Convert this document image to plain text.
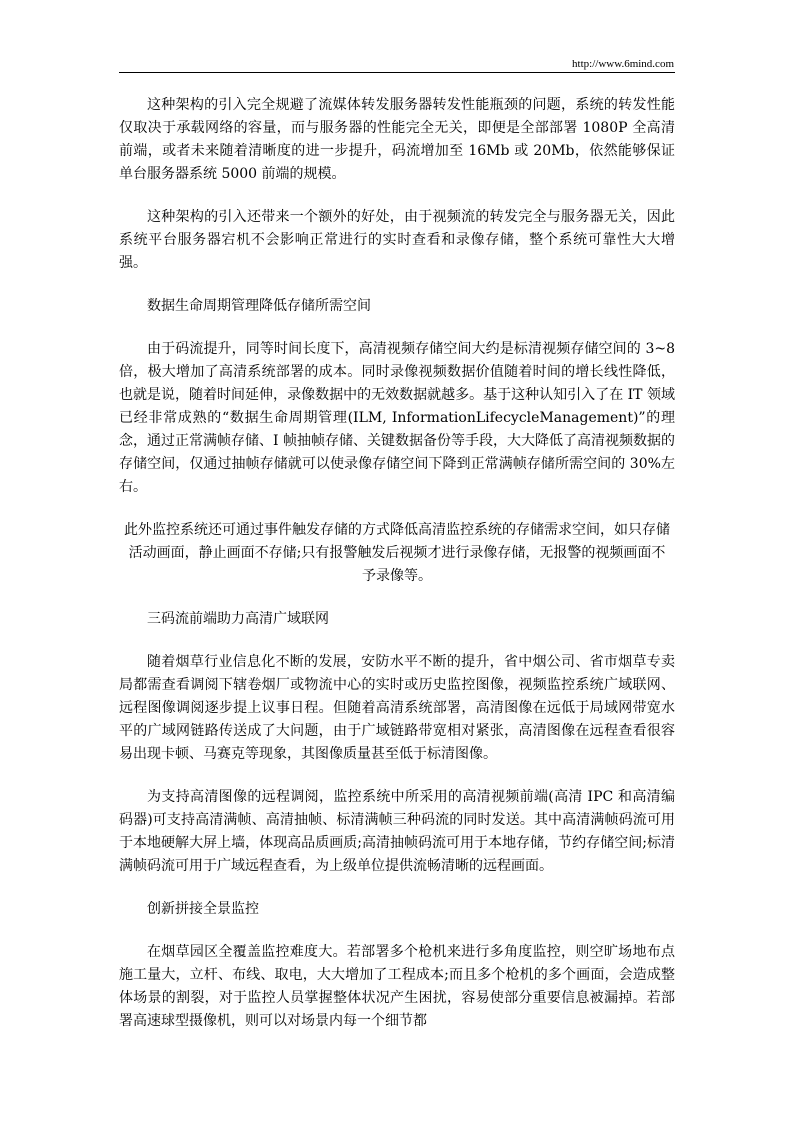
http://www.6mind.com

这种架构的引入完全规避了流媒体转发服务器转发性能瓶颈的问题，系统的转发性能仅取决于承载网络的容量，而与服务器的性能完全无关，即便是全部部署 1080P 全高清前端，或者未来随着清晰度的进一步提升，码流增加至 16Mb 或 20Mb，依然能够保证单台服务器系统 5000 前端的规模。

这种架构的引入还带来一个额外的好处，由于视频流的转发完全与服务器无关，因此系统平台服务器宕机不会影响正常进行的实时查看和录像存储，整个系统可靠性大大增强。

数据生命周期管理降低存储所需空间

由于码流提升，同等时间长度下，高清视频存储空间大约是标清视频存储空间的 3~8 倍，极大增加了高清系统部署的成本。同时录像视频数据价值随着时间的增长线性降低，也就是说，随着时间延伸，录像数据中的无效数据就越多。基于这种认知引入了在 IT 领域已经非常成熟的“数据生命周期管理(ILM, InformationLifecycleManagement)”的理念，通过正常满帧存储、I 帧抽帧存储、关键数据备份等手段，大大降低了高清视频数据的存储空间，仅通过抽帧存储就可以使录像存储空间下降到正常满帧存储所需空间的 30%左右。

此外监控系统还可通过事件触发存储的方式降低高清监控系统的存储需求空间，如只存储活动画面，静止画面不存储;只有报警触发后视频才进行录像存储，无报警的视频画面不予录像等。

三码流前端助力高清广域联网

随着烟草行业信息化不断的发展，安防水平不断的提升，省中烟公司、省市烟草专卖局都需查看调阅下辖卷烟厂或物流中心的实时或历史监控图像，视频监控系统广域联网、远程图像调阅逐步提上议事日程。但随着高清系统部署，高清图像在远低于局域网带宽水平的广域网链路传送成了大问题，由于广域链路带宽相对紧张，高清图像在远程查看很容易出现卡顿、马赛克等现象，其图像质量甚至低于标清图像。

为支持高清图像的远程调阅，监控系统中所采用的高清视频前端(高清 IPC 和高清编码器)可支持高清满帧、高清抽帧、标清满帧三种码流的同时发送。其中高清满帧码流可用于本地硬解大屏上墙，体现高品质画质;高清抽帧码流可用于本地存储，节约存储空间;标清满帧码流可用于广域远程查看，为上级单位提供流畅清晰的远程画面。

创新拼接全景监控

在烟草园区全覆盖监控难度大。若部署多个枪机来进行多角度监控，则空旷场地布点施工量大，立杆、布线、取电，大大增加了工程成本;而且多个枪机的多个画面，会造成整体场景的割裂，对于监控人员掌握整体状况产生困扰，容易使部分重要信息被漏掉。若部署高速球型摄像机，则可以对场景内每一个细节都
